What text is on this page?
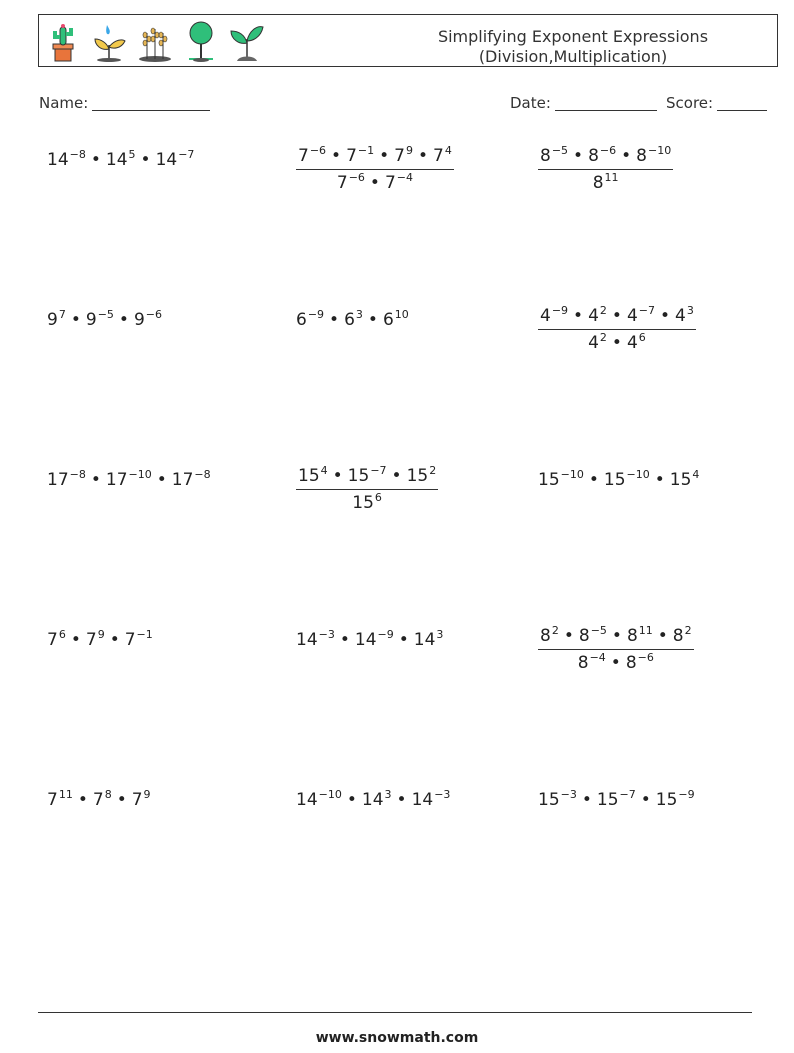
Simplifying Exponent Expressions
(Division,Multiplication)
Name:	Date:	Score:
$14^{-8}$ • $14^5$ • $14^{-7}$	$\frac{7^{-6} • 7^{-1} • 7^9 • 7^4}{7^{-6} • 7^{-4}}$	$\frac{8^{-5} • 8^{-6} • 8^{-10}}{8^{11}}$
$9^7$ • $9^{-5}$ • $9^{-6}$	$6^{-9}$ • $6^3$ • $6^{10}$	$\frac{4^{-9} • 4^2 • 4^{-7} • 4^3}{4^2 • 4^6}$
$17^{-8}$ • $17^{-10}$ • $17^{-8}$	$\frac{15^4 • 15^{-7} • 15^2}{15^6}$	$15^{-10}$ • $15^{-10}$ • $15^4$
$7^6$ • $7^9$ • $7^{-1}$	$14^{-3}$ • $14^{-9}$ • $14^3$	$\frac{8^2 • 8^{-5} • 8^{11} • 8^2}{8^{-4} • 8^{-6}}$
$7^{11}$ • $7^8$ • $7^9$	$14^{-10}$ • $14^3$ • $14^{-3}$	$15^{-3}$ • $15^{-7}$ • $15^{-9}$
www.snowmath.com
